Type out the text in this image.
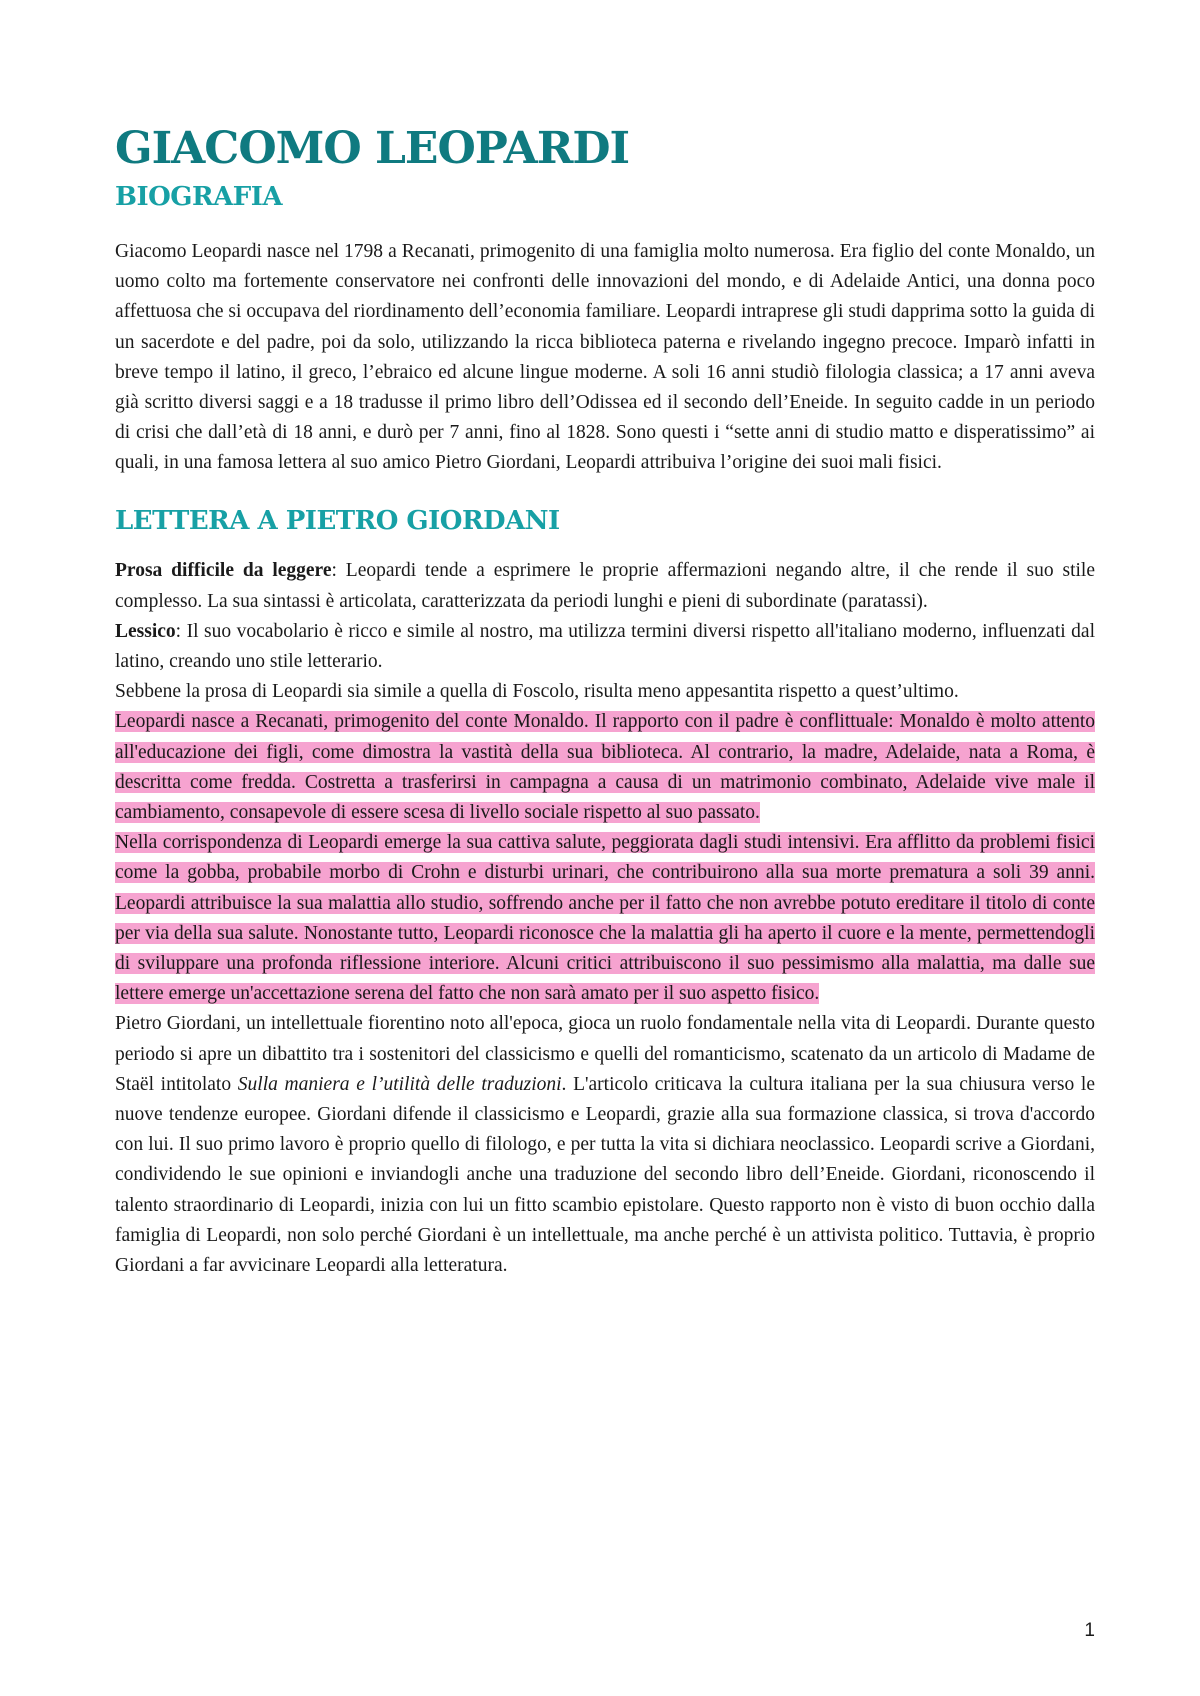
GIACOMO LEOPARDI
BIOGRAFIA

Giacomo Leopardi nasce nel 1798 a Recanati, primogenito di una famiglia molto numerosa. Era figlio del conte Monaldo, un uomo colto ma fortemente conservatore nei confronti delle innovazioni del mondo, e di Adelaide Antici, una donna poco affettuosa che si occupava del riordinamento dell’economia familiare. Leopardi intraprese gli studi dapprima sotto la guida di un sacerdote e del padre, poi da solo, utilizzando la ricca biblioteca paterna e rivelando ingegno precoce. Imparò infatti in breve tempo il latino, il greco, l’ebraico ed alcune lingue moderne. A soli 16 anni studiò filologia classica; a 17 anni aveva già scritto diversi saggi e a 18 tradusse il primo libro dell’Odissea ed il secondo dell’Eneide. In seguito cadde in un periodo di crisi che dall’età di 18 anni, e durò per 7 anni, fino al 1828. Sono questi i “sette anni di studio matto e disperatissimo” ai quali, in una famosa lettera al suo amico Pietro Giordani, Leopardi attribuiva l’origine dei suoi mali fisici.

LETTERA A PIETRO GIORDANI

Prosa difficile da leggere: Leopardi tende a esprimere le proprie affermazioni negando altre, il che rende il suo stile complesso. La sua sintassi è articolata, caratterizzata da periodi lunghi e pieni di subordinate (paratassi).

Lessico: Il suo vocabolario è ricco e simile al nostro, ma utilizza termini diversi rispetto all'italiano moderno, influenzati dal latino, creando uno stile letterario.

Sebbene la prosa di Leopardi sia simile a quella di Foscolo, risulta meno appesantita rispetto a quest’ultimo.

Leopardi nasce a Recanati, primogenito del conte Monaldo. Il rapporto con il padre è conflittuale: Monaldo è molto attento all'educazione dei figli, come dimostra la vastità della sua biblioteca. Al contrario, la madre, Adelaide, nata a Roma, è descritta come fredda. Costretta a trasferirsi in campagna a causa di un matrimonio combinato, Adelaide vive male il cambiamento, consapevole di essere scesa di livello sociale rispetto al suo passato.

Nella corrispondenza di Leopardi emerge la sua cattiva salute, peggiorata dagli studi intensivi. Era afflitto da problemi fisici come la gobba, probabile morbo di Crohn e disturbi urinari, che contribuirono alla sua morte prematura a soli 39 anni. Leopardi attribuisce la sua malattia allo studio, soffrendo anche per il fatto che non avrebbe potuto ereditare il titolo di conte per via della sua salute. Nonostante tutto, Leopardi riconosce che la malattia gli ha aperto il cuore e la mente, permettendogli di sviluppare una profonda riflessione interiore. Alcuni critici attribuiscono il suo pessimismo alla malattia, ma dalle sue lettere emerge un'accettazione serena del fatto che non sarà amato per il suo aspetto fisico.

Pietro Giordani, un intellettuale fiorentino noto all'epoca, gioca un ruolo fondamentale nella vita di Leopardi. Durante questo periodo si apre un dibattito tra i sostenitori del classicismo e quelli del romanticismo, scatenato da un articolo di Madame de Staël intitolato Sulla maniera e l’utilità delle traduzioni. L'articolo criticava la cultura italiana per la sua chiusura verso le nuove tendenze europee. Giordani difende il classicismo e Leopardi, grazie alla sua formazione classica, si trova d'accordo con lui. Il suo primo lavoro è proprio quello di filologo, e per tutta la vita si dichiara neoclassico. Leopardi scrive a Giordani, condividendo le sue opinioni e inviandogli anche una traduzione del secondo libro dell’Eneide. Giordani, riconoscendo il talento straordinario di Leopardi, inizia con lui un fitto scambio epistolare. Questo rapporto non è visto di buon occhio dalla famiglia di Leopardi, non solo perché Giordani è un intellettuale, ma anche perché è un attivista politico. Tuttavia, è proprio Giordani a far avvicinare Leopardi alla letteratura.

1
